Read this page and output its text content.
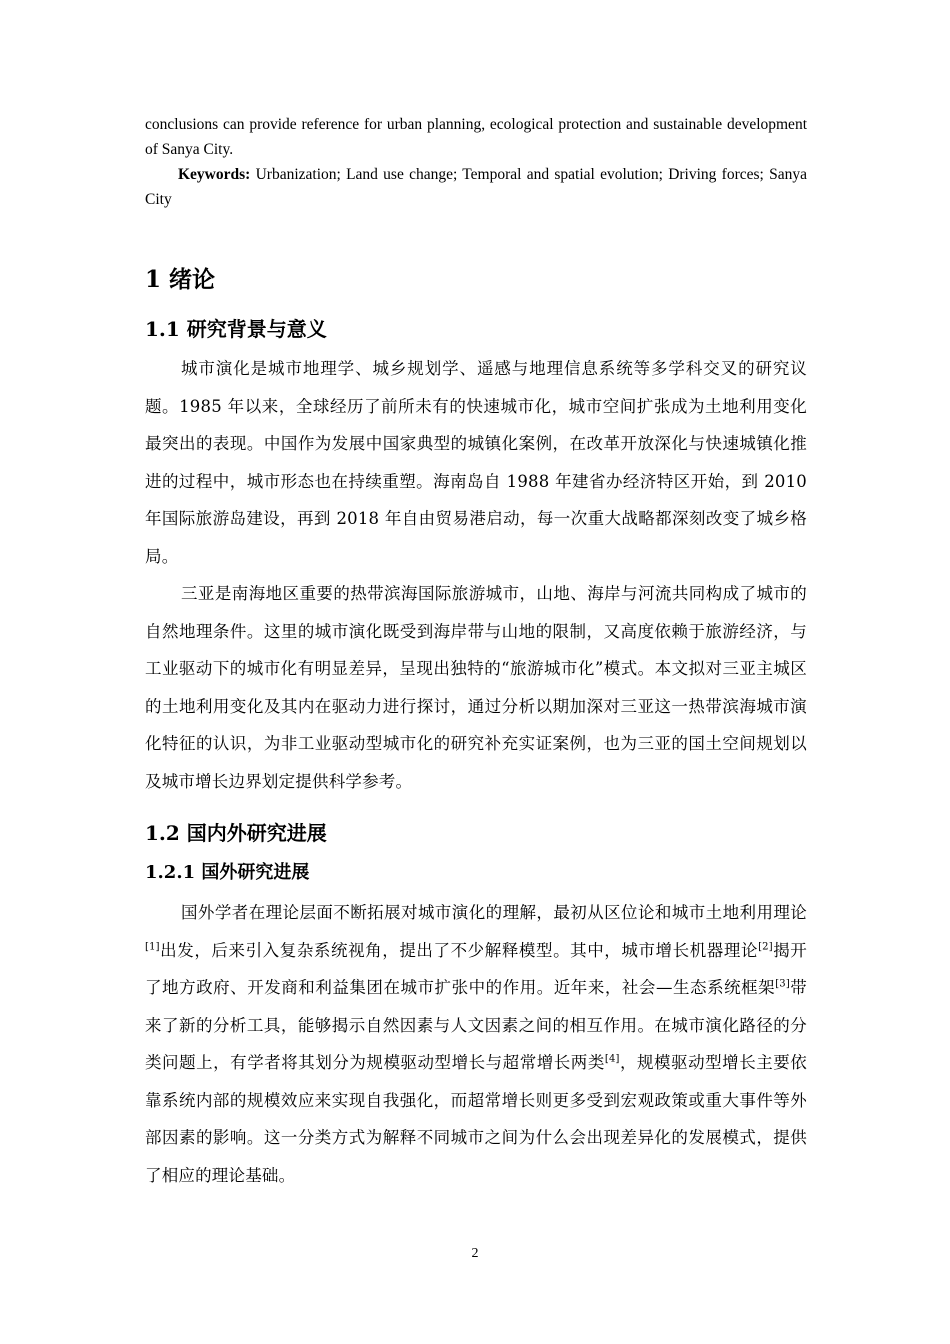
conclusions can provide reference for urban planning, ecological protection and sustainable development of Sanya City.

Keywords: Urbanization; Land use change; Temporal and spatial evolution; Driving forces; Sanya City

1 绪论
1.1 研究背景与意义

城市演化是城市地理学、城乡规划学、遥感与地理信息系统等多学科交叉的研究议题。1985 年以来，全球经历了前所未有的快速城市化，城市空间扩张成为土地利用变化最突出的表现。中国作为发展中国家典型的城镇化案例，在改革开放深化与快速城镇化推进的过程中，城市形态也在持续重塑。海南岛自 1988 年建省办经济特区开始，到 2010 年国际旅游岛建设，再到 2018 年自由贸易港启动，每一次重大战略都深刻改变了城乡格局。

三亚是南海地区重要的热带滨海国际旅游城市，山地、海岸与河流共同构成了城市的自然地理条件。这里的城市演化既受到海岸带与山地的限制，又高度依赖于旅游经济，与工业驱动下的城市化有明显差异，呈现出独特的“旅游城市化”模式。本文拟对三亚主城区的土地利用变化及其内在驱动力进行探讨，通过分析以期加深对三亚这一热带滨海城市演化特征的认识，为非工业驱动型城市化的研究补充实证案例，也为三亚的国土空间规划以及城市增长边界划定提供科学参考。

1.2 国内外研究进展
1.2.1 国外研究进展

国外学者在理论层面不断拓展对城市演化的理解，最初从区位论和城市土地利用理论[1]出发，后来引入复杂系统视角，提出了不少解释模型。其中，城市增长机器理论[2]揭开了地方政府、开发商和利益集团在城市扩张中的作用。近年来，社会—生态系统框架[3]带来了新的分析工具，能够揭示自然因素与人文因素之间的相互作用。在城市演化路径的分类问题上，有学者将其划分为规模驱动型增长与超常增长两类[4]，规模驱动型增长主要依靠系统内部的规模效应来实现自我强化，而超常增长则更多受到宏观政策或重大事件等外部因素的影响。这一分类方式为解释不同城市之间为什么会出现差异化的发展模式，提供了相应的理论基础。

2
